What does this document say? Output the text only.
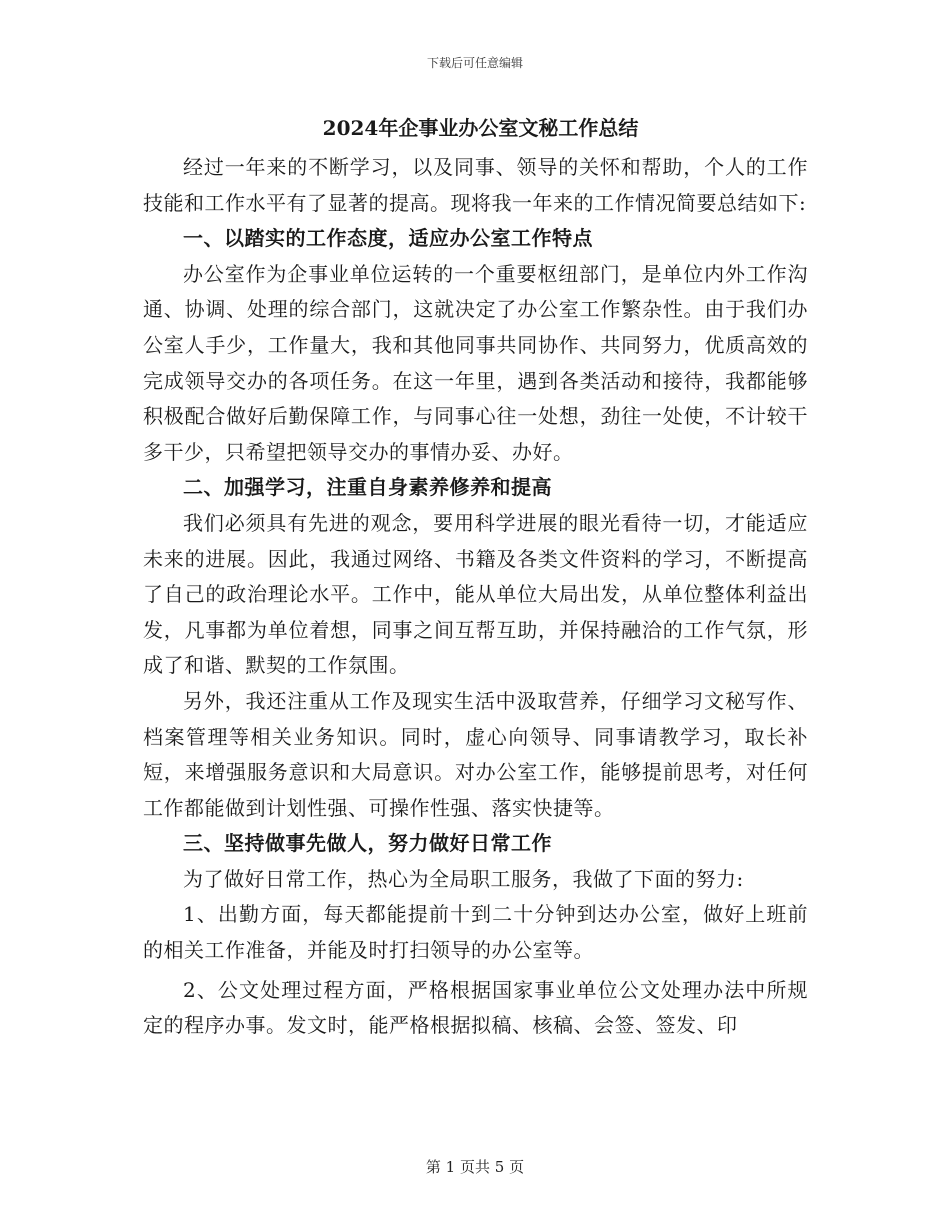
下载后可任意编辑
2024年企事业办公室文秘工作总结

经过一年来的不断学习，以及同事、领导的关怀和帮助，个人的工作技能和工作水平有了显著的提高。现将我一年来的工作情况简要总结如下:

一、以踏实的工作态度，适应办公室工作特点

办公室作为企事业单位运转的一个重要枢纽部门，是单位内外工作沟通、协调、处理的综合部门，这就决定了办公室工作繁杂性。由于我们办公室人手少，工作量大，我和其他同事共同协作、共同努力，优质高效的完成领导交办的各项任务。在这一年里，遇到各类活动和接待，我都能够积极配合做好后勤保障工作，与同事心往一处想，劲往一处使，不计较干多干少，只希望把领导交办的事情办妥、办好。

二、加强学习，注重自身素养修养和提高

我们必须具有先进的观念，要用科学进展的眼光看待一切，才能适应未来的进展。因此，我通过网络、书籍及各类文件资料的学习，不断提高了自己的政治理论水平。工作中，能从单位大局出发，从单位整体利益出发，凡事都为单位着想，同事之间互帮互助，并保持融洽的工作气氛，形成了和谐、默契的工作氛围。

另外，我还注重从工作及现实生活中汲取营养，仔细学习文秘写作、档案管理等相关业务知识。同时，虚心向领导、同事请教学习，取长补短，来增强服务意识和大局意识。对办公室工作，能够提前思考，对任何工作都能做到计划性强、可操作性强、落实快捷等。

三、坚持做事先做人，努力做好日常工作

为了做好日常工作，热心为全局职工服务，我做了下面的努力:

1、出勤方面，每天都能提前十到二十分钟到达办公室，做好上班前的相关工作准备，并能及时打扫领导的办公室等。

2、公文处理过程方面，严格根据国家事业单位公文处理办法中所规定的程序办事。发文时，能严格根据拟稿、核稿、会签、签发、印

第 1 页共 5 页
